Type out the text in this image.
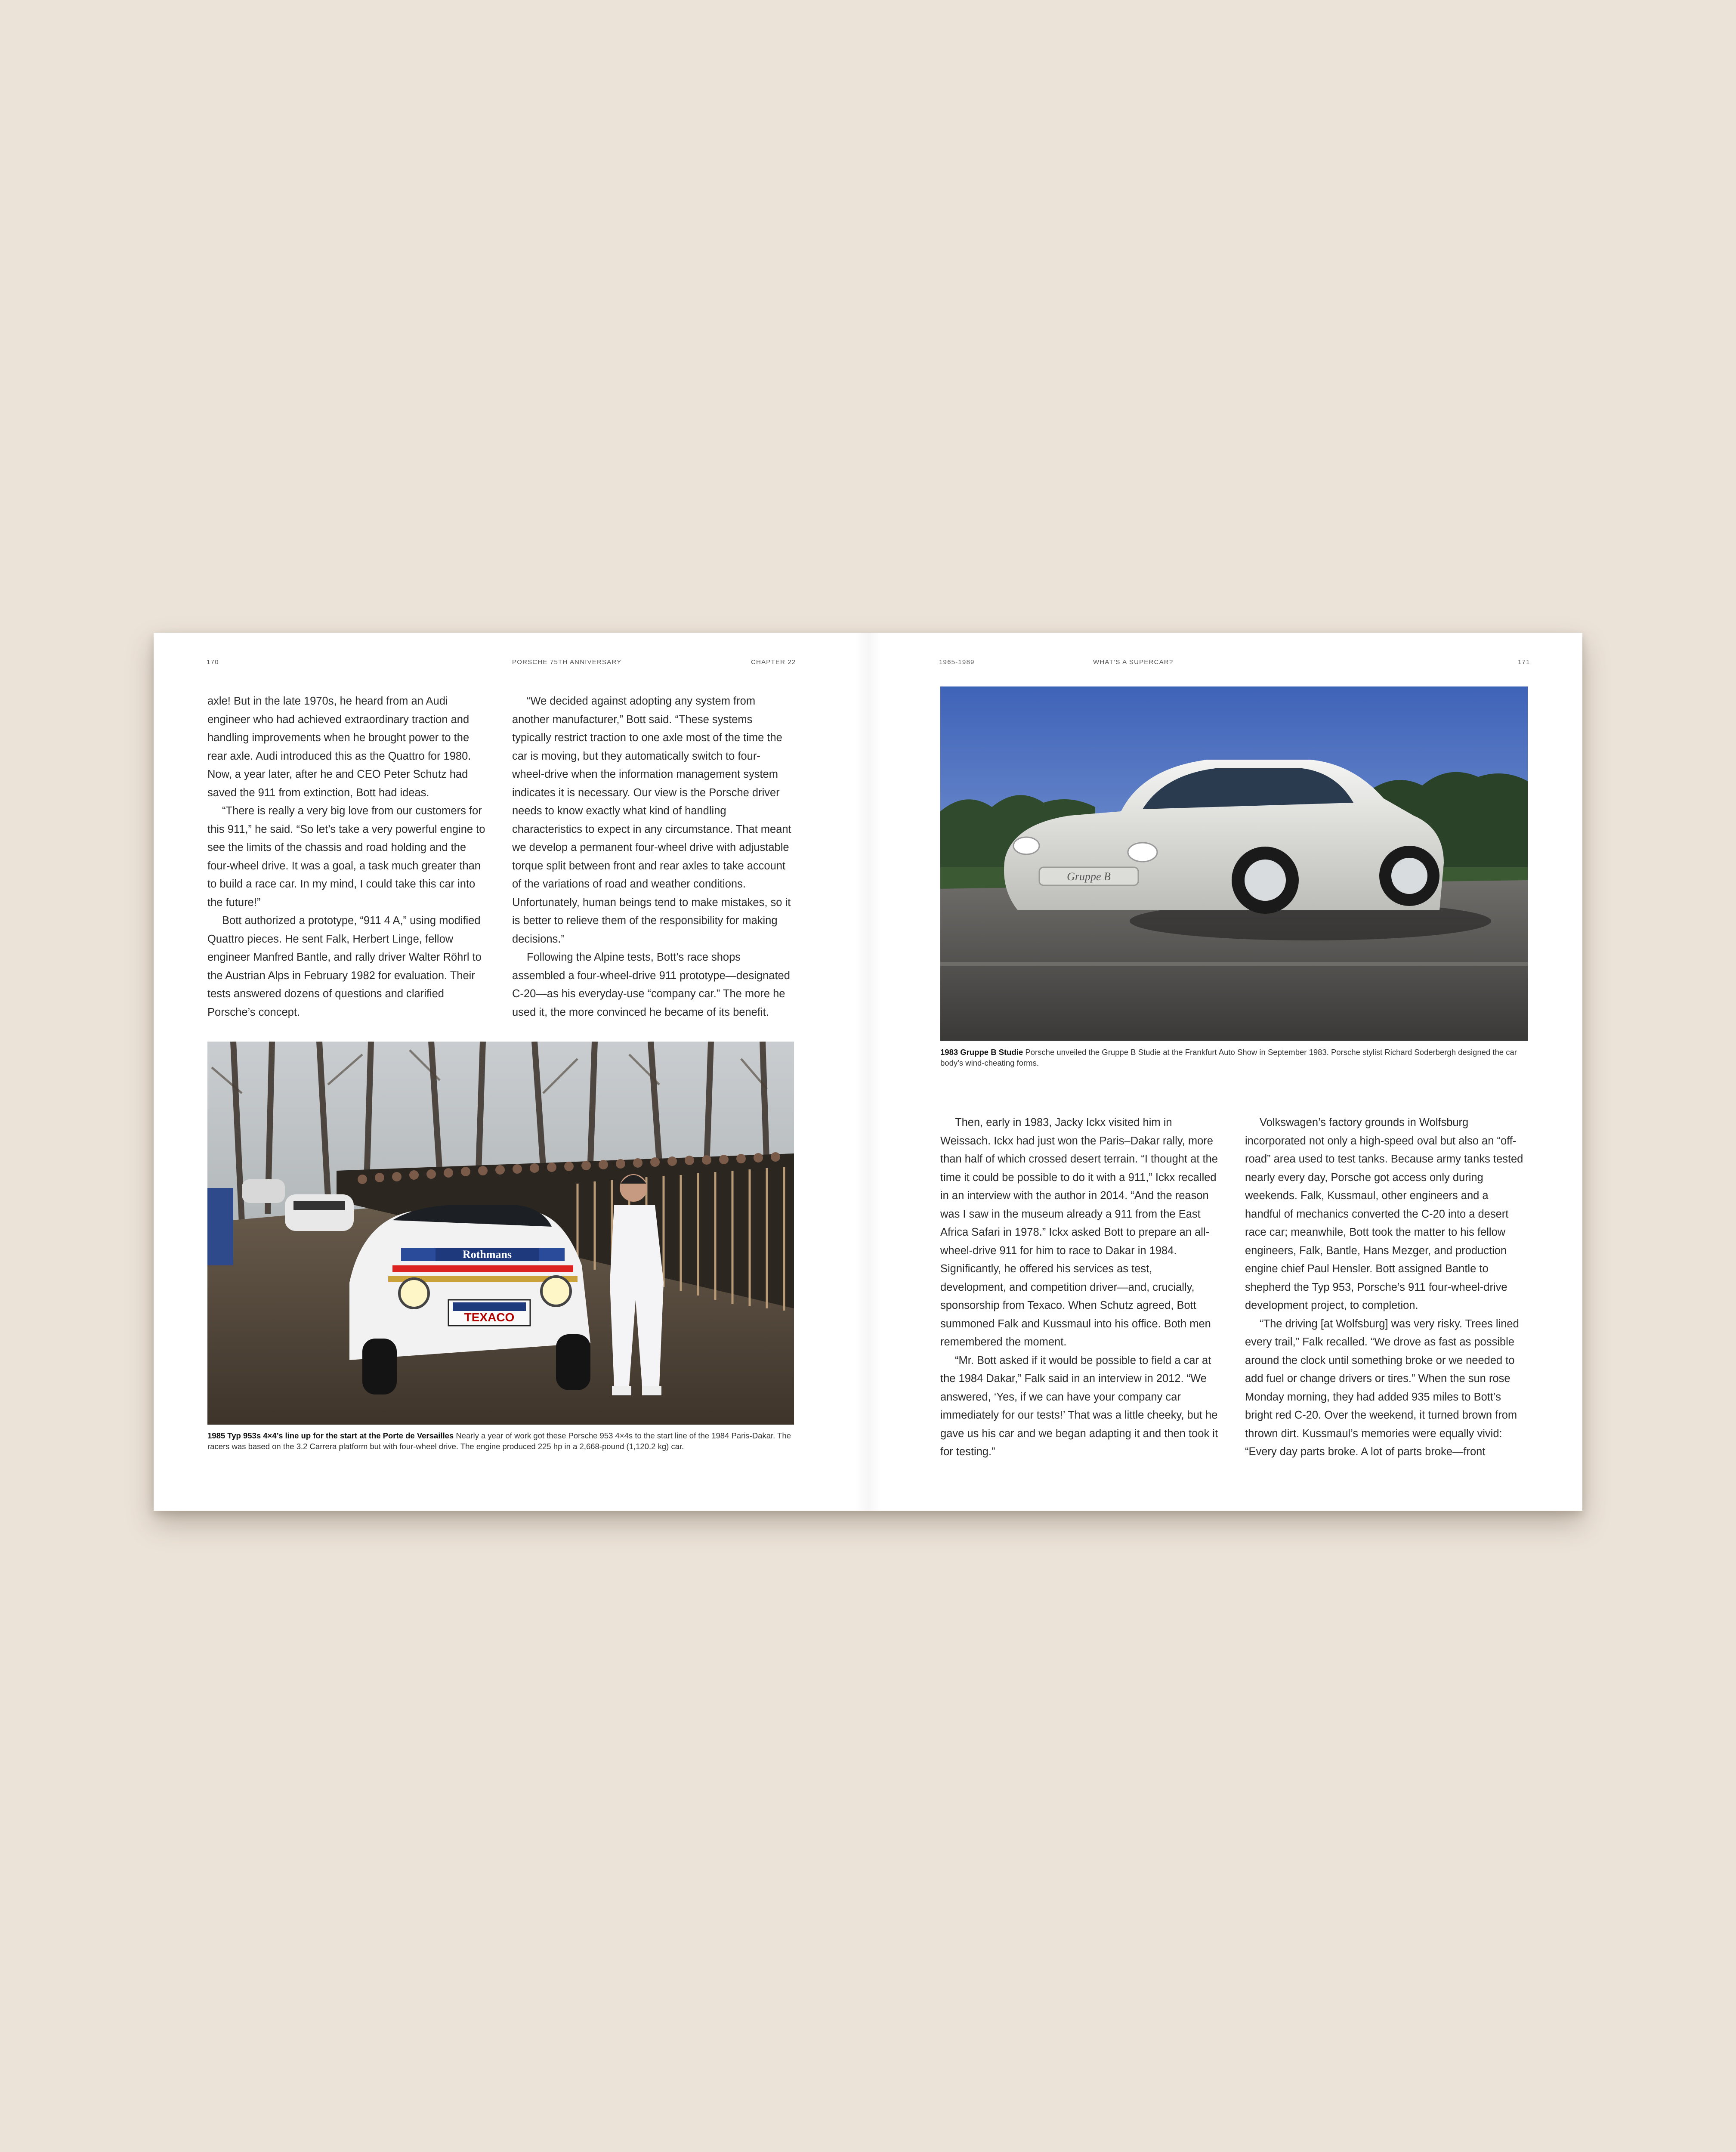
170	PORSCHE 75TH ANNIVERSARY	CHAPTER 22

axle! But in the late 1970s, he heard from an Audi engineer who had achieved extraordinary traction and handling improvements when he brought power to the rear axle. Audi introduced this as the Quattro for 1980. Now, a year later, after he and CEO Peter Schutz had saved the 911 from extinction, Bott had ideas.

“There is really a very big love from our customers for this 911,” he said. “So let’s take a very powerful engine to see the limits of the chassis and road holding and the four-wheel drive. It was a goal, a task much greater than to build a race car. In my mind, I could take this car into the future!”

Bott authorized a prototype, “911 4 A,” using modified Quattro pieces. He sent Falk, Herbert Linge, fellow engineer Manfred Bantle, and rally driver Walter Röhrl to the Austrian Alps in February 1982 for evaluation. Their tests answered dozens of questions and clarified Porsche’s concept.

“We decided against adopting any system from another manufacturer,” Bott said. “These systems typically restrict traction to one axle most of the time the car is moving, but they automatically switch to four-wheel-drive when the information management system indicates it is necessary. Our view is the Porsche driver needs to know exactly what kind of handling characteristics to expect in any circumstance. That meant we develop a permanent four-wheel drive with adjustable torque split between front and rear axles to take account of the variations of road and weather conditions. Unfortunately, human beings tend to make mistakes, so it is better to relieve them of the responsibility for making decisions.”

Following the Alpine tests, Bott’s race shops assembled a four-wheel-drive 911 prototype—designated C-20—as his everyday-use “company car.” The more he used it, the more convinced he became of its benefit.

Rothmans
TEXACO
1985 Typ 953s 4×4’s line up for the start at the Porte de Versailles Nearly a year of work got these Porsche 953 4×4s to the start line of the 1984 Paris-Dakar. The racers was based on the 3.2 Carrera platform but with four-wheel drive. The engine produced 225 hp in a 2,668-pound (1,120.2 kg) car.
1965-1989	WHAT’S A SUPERCAR?	171
Gruppe B
1983 Gruppe B Studie Porsche unveiled the Gruppe B Studie at the Frankfurt Auto Show in September 1983. Porsche stylist Richard Soderbergh designed the car body’s wind-cheating forms.

Then, early in 1983, Jacky Ickx visited him in Weissach. Ickx had just won the Paris–Dakar rally, more than half of which crossed desert terrain. “I thought at the time it could be possible to do it with a 911,” Ickx recalled in an interview with the author in 2014. “And the reason was I saw in the museum already a 911 from the East Africa Safari in 1978.” Ickx asked Bott to prepare an all-wheel-drive 911 for him to race to Dakar in 1984. Significantly, he offered his services as test, development, and competition driver—and, crucially, sponsorship from Texaco. When Schutz agreed, Bott summoned Falk and Kussmaul into his office. Both men remembered the moment.

“Mr. Bott asked if it would be possible to field a car at the 1984 Dakar,” Falk said in an interview in 2012. “We answered, ‘Yes, if we can have your company car immediately for our tests!’ That was a little cheeky, but he gave us his car and we began adapting it and then took it for testing.”

Volkswagen’s factory grounds in Wolfsburg incorporated not only a high-speed oval but also an “off-road” area used to test tanks. Because army tanks tested nearly every day, Porsche got access only during weekends. Falk, Kussmaul, other engineers and a handful of mechanics converted the C-20 into a desert race car; meanwhile, Bott took the matter to his fellow engineers, Falk, Bantle, Hans Mezger, and production engine chief Paul Hensler. Bott assigned Bantle to shepherd the Typ 953, Porsche’s 911 four-wheel-drive development project, to completion.

“The driving [at Wolfsburg] was very risky. Trees lined every trail,” Falk recalled. “We drove as fast as possible around the clock until something broke or we needed to add fuel or change drivers or tires.” When the sun rose Monday morning, they had added 935 miles to Bott’s bright red C-20. Over the weekend, it turned brown from thrown dirt. Kussmaul’s memories were equally vivid: “Every day parts broke. A lot of parts broke—front
